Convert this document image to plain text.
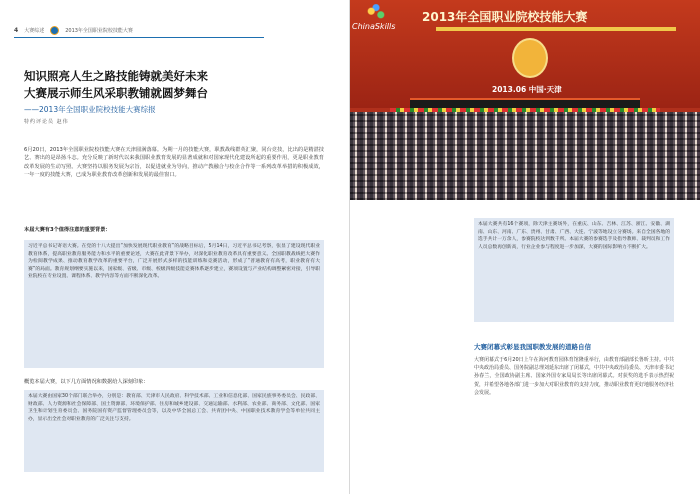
4 大赛综述	2013年全国职业院校技能大赛
知识照亮人生之路技能铸就美好未来
大赛展示师生风采职教铺就圆梦舞台
——2013年全国职业院校技能大赛综报
特约评论员 赵伟

6月20日，2013年全国职业院校技能大赛在天津圆满落幕。为期一月的技能大赛，职教战线群英汇聚，同台竞技，比出的是精湛技艺、赛出的是昂扬斗志。充分反映了新时代以来我国职业教育发展的显著成就和对国家现代化建设所起的重要作用，更是职业教育改革发展的生动写照。大赛坚持以服务发展为宗旨，以促进就业为导向，推动产教融合与校企合作等一系列改革举措的积极成效，一年一度的技能大赛，已成为职业教育改革创新和发展的最佳窗口。

本届大赛有3个值得注意的重要背景：

习近平总书记寄语大赛。在党的十八大提出“加快发展现代职业教育”的战略目标后，5月14日，习近平总书记考察，张显了建设现代职业教育体系，提高职业教育服务能力和水平的重要论述，大赛在此背景下举办，对深化职业教育改革具有重要意义。全国职教战线把大赛作为检阅教学成果、推动教育教学改革的重要平台，广泛开展形式多样的技能训练和竞赛活动，形成了“普通教育有高考，职业教育有大赛”的局面。教育规划纲要实施以来，国家级、省级、市级、校级四级技能竞赛体系逐步建立，赛项设置与产业结构调整紧密对接，引导职业院校在专业设置、课程体系、教学内容等方面不断深化改革。

概览本届大赛，以下几方面情况和数据给人深刻印象：

本届大赛由国家30个部门联合举办，分别是：教育部、天津市人民政府、科学技术部、工业和信息化部、国家民族事务委员会、民政部、财政部、人力资源和社会保障部、国土资源部、环境保护部、住房和城乡建设部、交通运输部、水利部、农业部、商务部、文化部、国家卫生和计划生育委员会、国务院国有资产监督管理委员会等，以及中华全国总工会、共青团中央、中国职业技术教育学会等单位共同主办，显示出全社会对职业教育的广泛关注与支持。

ChinaSkills
2013年全国职业院校技能大赛
2013.06 中国·天津

本届大赛共有16个赛项，除天津主赛场外，在重庆、山东、吉林、江苏、浙江、安徽、湖南、山东、河南、广东、贵州、甘肃、广西、大连、宁波等地设立分赛场。来自全国各地的选手共计一万余人，参赛院校达到数千所。本届大赛的参赛选手及指导教师、裁判员和工作人员总数再创新高，行业企业参与程度进一步加深，大赛的国际影响力不断扩大。

大赛闭幕式彰显我国职教发展的道路自信

大赛闭幕式于6月20日上午在海河教育园体育馆隆重举行，由教育部副部长鲁昕主持。中共中央政治局委员、国务院副总理刘延东出席了闭幕式，中共中央政治局委员、天津市委书记孙春兰，全国政协副主席、国家外国专家局局长等出席闭幕式。对获奖的选手表示热烈祝贺，并希望各地各部门进一步加大对职业教育的支持力度，推动职业教育更好地服务经济社会发展。
